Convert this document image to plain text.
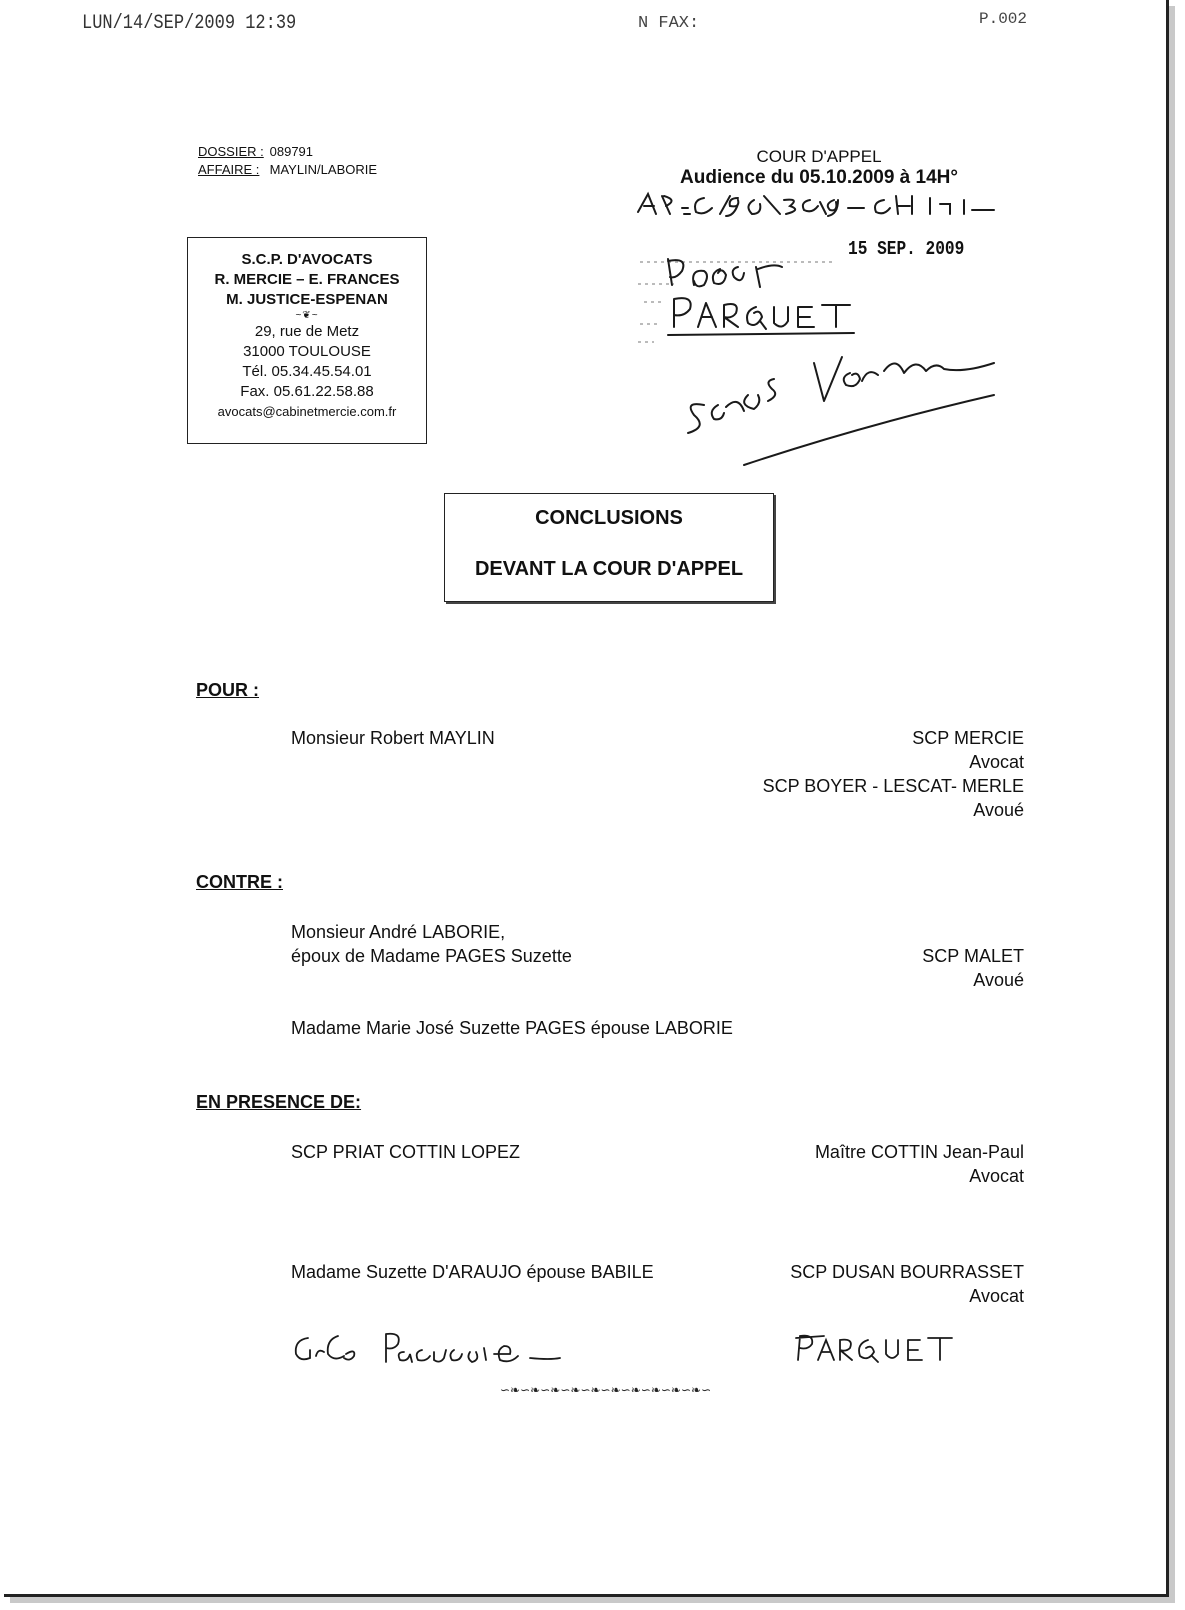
LUN/14/SEP/2009 12:39	N FAX:	P.002
DOSSIER : 089791
AFFAIRE : MAYLIN/LABORIE
COUR D'APPEL
Audience du 05.10.2009 à 14H°
15 SEP. 2009
S.C.P. D'AVOCATS
R. MERCIE – E. FRANCES
M. JUSTICE-ESPENAN
~❦~
29, rue de Metz
31000 TOULOUSE
Tél. 05.34.45.54.01
Fax. 05.61.22.58.88
avocats@cabinetmercie.com.fr
CONCLUSIONS
DEVANT LA COUR D'APPEL
POUR :
Monsieur Robert MAYLIN	SCP MERCIE
Avocat
SCP BOYER - LESCAT- MERLE
Avoué
CONTRE :
Monsieur André LABORIE,
époux de Madame PAGES Suzette	SCP MALET
Avoué
Madame Marie José Suzette PAGES épouse LABORIE
EN PRESENCE DE:
SCP PRIAT COTTIN LOPEZ	Maître COTTIN Jean-Paul
Avocat
Madame Suzette D'ARAUJO épouse BABILE	SCP DUSAN BOURRASSET
Avocat
∽❧∽❧∽❧∽❧∽❧∽❧∽❧∽❧∽❧∽❧∽
